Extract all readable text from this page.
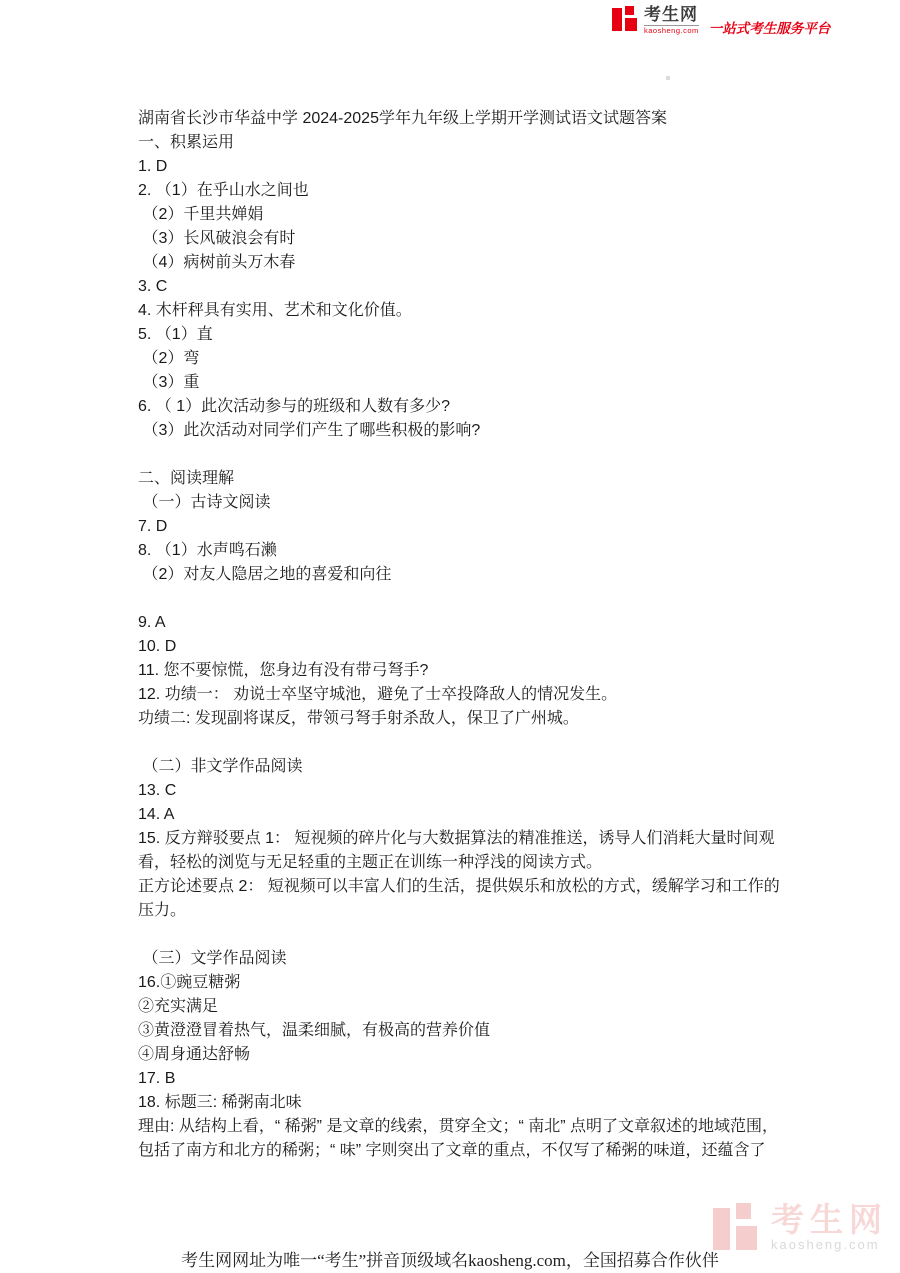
考生网
kaosheng.com 一站式考生服务平台
湖南省长沙市华益中学 2024-2025学年九年级上学期开学测试语文试题答案
一、积累运用
1. D
2. （1）在乎山水之间也
（2）千里共婵娟
（3）长风破浪会有时
（4）病树前头万木春
3. C
4. 木杆秤具有实用、艺术和文化价值。
5. （1）直
（2）弯
（3）重
6. （ 1）此次活动参与的班级和人数有多少?
（3）此次活动对同学们产生了哪些积极的影响?
二、阅读理解
（一）古诗文阅读
7. D
8. （1）水声鸣石濑
（2）对友人隐居之地的喜爱和向往
9. A
10. D
11. 您不要惊慌，您身边有没有带弓弩手?
12. 功绩一： 劝说士卒坚守城池，避免了士卒投降敌人的情况发生。
功绩二: 发现副将谋反，带领弓弩手射杀敌人，保卫了广州城。
（二）非文学作品阅读
13. C
14. A
15. 反方辩驳要点 1： 短视频的碎片化与大数据算法的精准推送，诱导人们消耗大量时间观
看，轻松的浏览与无足轻重的主题正在训练一种浮浅的阅读方式。
正方论述要点 2： 短视频可以丰富人们的生活，提供娱乐和放松的方式，缓解学习和工作的
压力。
（三）文学作品阅读
16.①豌豆糖粥
②充实满足
③黄澄澄冒着热气，温柔细腻，有极高的营养价值
④周身通达舒畅
17. B
18. 标题三: 稀粥南北味
理由: 从结构上看，“ 稀粥” 是文章的线索，贯穿全文；“ 南北” 点明了文章叙述的地域范围，
包括了南方和北方的稀粥；“ 味” 字则突出了文章的重点，不仅写了稀粥的味道，还蕴含了
考生网
kaosheng.com
考生网网址为唯一“考生”拼音顶级域名kaosheng.com，全国招募合作伙伴
